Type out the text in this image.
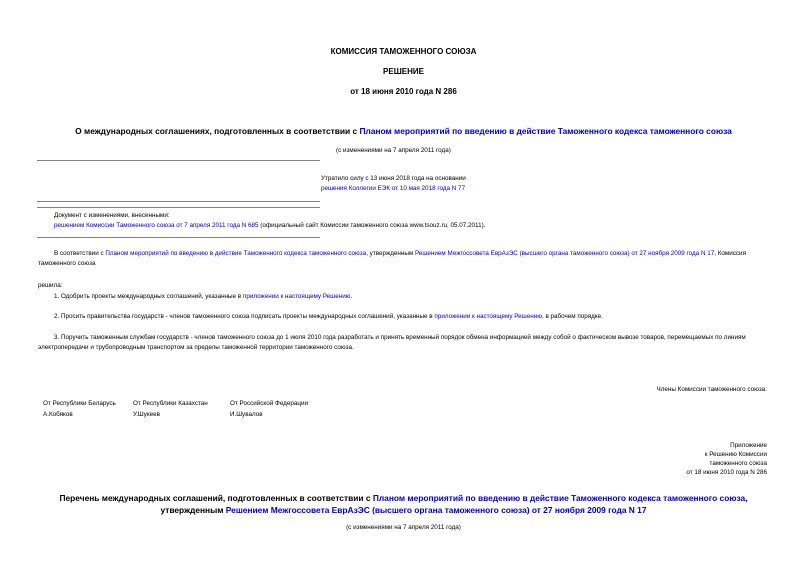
КОМИССИЯ ТАМОЖЕННОГО СОЮЗА
РЕШЕНИЕ
от 18 июня 2010 года N 286
О международных соглашениях, подготовленных в соответствии с Планом мероприятий по введению в действие Таможенного кодекса таможенного союза
(с изменениями на 7 апреля 2011 года)
Утратило силу с 13 июня 2018 года на основании
решения Коллегии ЕЭК от 10 мая 2018 года N 77
Документ с изменениями, внесенными:
решением Комиссии Таможенного союза от 7 апреля 2011 года N 685 (официальный сайт Комиссии таможенного союза www.tsouz.ru, 05.07.2011).
В соответствии с Планом мероприятий по введению в действие Таможенного кодекса таможенного союза, утвержденным Решением Межгоссовета ЕврАзЭС (высшего органа таможенного союза) от 27 ноября 2009 года N 17, Комиссия таможенного союза
решила:
1. Одобрить проекты международных соглашений, указанные в приложении к настоящему Решению.
2. Просить правительства государств - членов таможенного союза подписать проекты международных соглашений, указанные в приложении к настоящему Решению, в рабочем порядке.
3. Поручить таможенным службам государств - членов таможенного союза до 1 июля 2010 года разработать и принять временный порядок обмена информацией между собой о фактическом вывозе товаров, перемещаемых по линиям электропередачи и трубопроводным транспортом за пределы таможенной территории таможенного союза.
Члены Комиссии таможенного союза:
От Республики Беларусь
А.Кобяков
От Республики Казахстан
У.Шукеев
От Российской Федерации
И.Шувалов
Приложение
к Решению Комиссии
таможенного союза
от 18 июня 2010 года N 286
Перечень международных соглашений, подготовленных в соответствии с Планом мероприятий по введению в действие Таможенного кодекса таможенного союза,
утвержденным Решением Межгоссовета ЕврАзЭС (высшего органа таможенного союза) от 27 ноября 2009 года N 17
(с изменениями на 7 апреля 2011 года)
